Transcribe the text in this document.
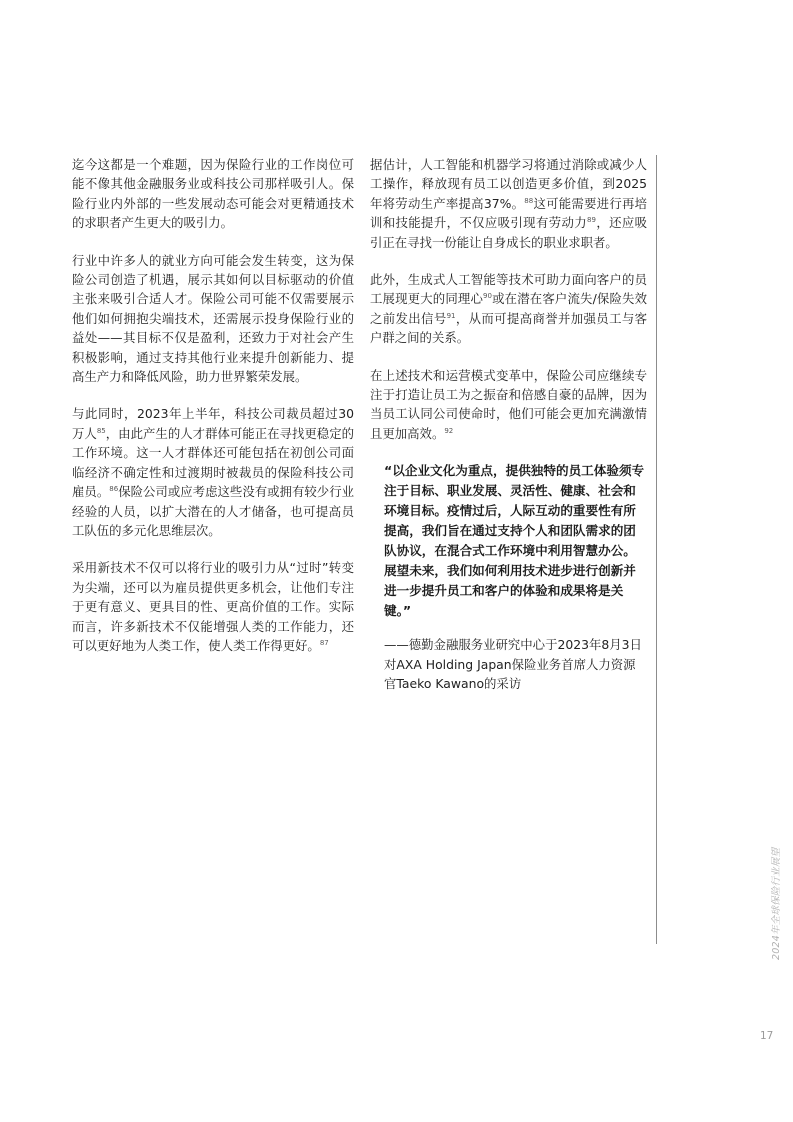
迄今这都是一个难题，因为保险行业的工作岗位可能不像其他金融服务业或科技公司那样吸引人。保险行业内外部的一些发展动态可能会对更精通技术的求职者产生更大的吸引力。

行业中许多人的就业方向可能会发生转变，这为保险公司创造了机遇，展示其如何以目标驱动的价值主张来吸引合适人才。保险公司可能不仅需要展示他们如何拥抱尖端技术，还需展示投身保险行业的益处——其目标不仅是盈利，还致力于对社会产生积极影响，通过支持其他行业来提升创新能力、提高生产力和降低风险，助力世界繁荣发展。

与此同时，2023年上半年，科技公司裁员超过30万人$^{85}$，由此产生的人才群体可能正在寻找更稳定的工作环境。这一人才群体还可能包括在初创公司面临经济不确定性和过渡期时被裁员的保险科技公司雇员。$^{86}$保险公司或应考虑这些没有或拥有较少行业经验的人员，以扩大潜在的人才储备，也可提高员工队伍的多元化思维层次。

采用新技术不仅可以将行业的吸引力从“过时”转变为尖端，还可以为雇员提供更多机会，让他们专注于更有意义、更具目的性、更高价值的工作。实际而言，许多新技术不仅能增强人类的工作能力，还可以更好地为人类工作，使人类工作得更好。$^{87}$

据估计，人工智能和机器学习将通过消除或减少人工操作，释放现有员工以创造更多价值，到2025年将劳动生产率提高37%。$^{88}$这可能需要进行再培训和技能提升，不仅应吸引现有劳动力$^{89}$，还应吸引正在寻找一份能让自身成长的职业求职者。

此外，生成式人工智能等技术可助力面向客户的员工展现更大的同理心$^{90}$或在潜在客户流失/保险失效之前发出信号$^{91}$，从而可提高商誉并加强员工与客户群之间的关系。

在上述技术和运营模式变革中，保险公司应继续专注于打造让员工为之振奋和倍感自豪的品牌，因为当员工认同公司使命时，他们可能会更加充满激情且更加高效。$^{92}$

“以企业文化为重点，提供独特的员工体验须专注于目标、职业发展、灵活性、健康、社会和环境目标。疫情过后，人际互动的重要性有所提高，我们旨在通过支持个人和团队需求的团队协议，在混合式工作环境中利用智慧办公。展望未来，我们如何利用技术进步进行创新并进一步提升员工和客户的体验和成果将是关键。”
——德勤金融服务业研究中心于2023年8月3日对AXA Holding Japan保险业务首席人力资源官Taeko Kawano的采访
2024年全球保险行业展望
17
